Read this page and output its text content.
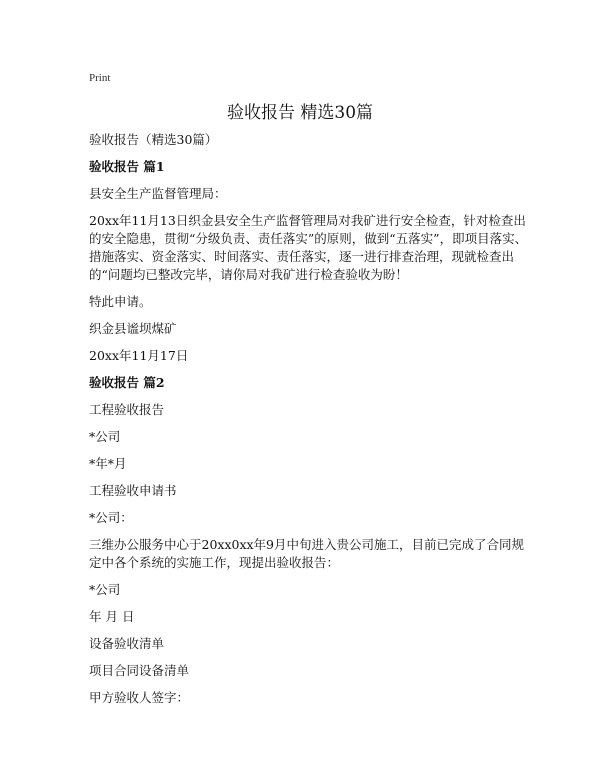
Print
验收报告 精选30篇

验收报告（精选30篇）

验收报告 篇1

县安全生产监督管理局：

20xx年11月13日织金县安全生产监督管理局对我矿进行安全检查，针对检查出的安全隐患，贯彻“分级负责、责任落实”的原则，做到“五落实”，即项目落实、措施落实、资金落实、时间落实、责任落实，逐一进行排查治理，现就检查出的“问题均已整改完毕，请你局对我矿进行检查验收为盼！

特此申请。

织金县谧坝煤矿

20xx年11月17日

验收报告 篇2

工程验收报告

*公司

*年*月

工程验收申请书

*公司：

三维办公服务中心于20xx0xx年9月中旬进入贵公司施工，目前已完成了合同规定中各个系统的实施工作，现提出验收报告：

*公司

年 月 日

设备验收清单

项目合同设备清单

甲方验收人签字：
